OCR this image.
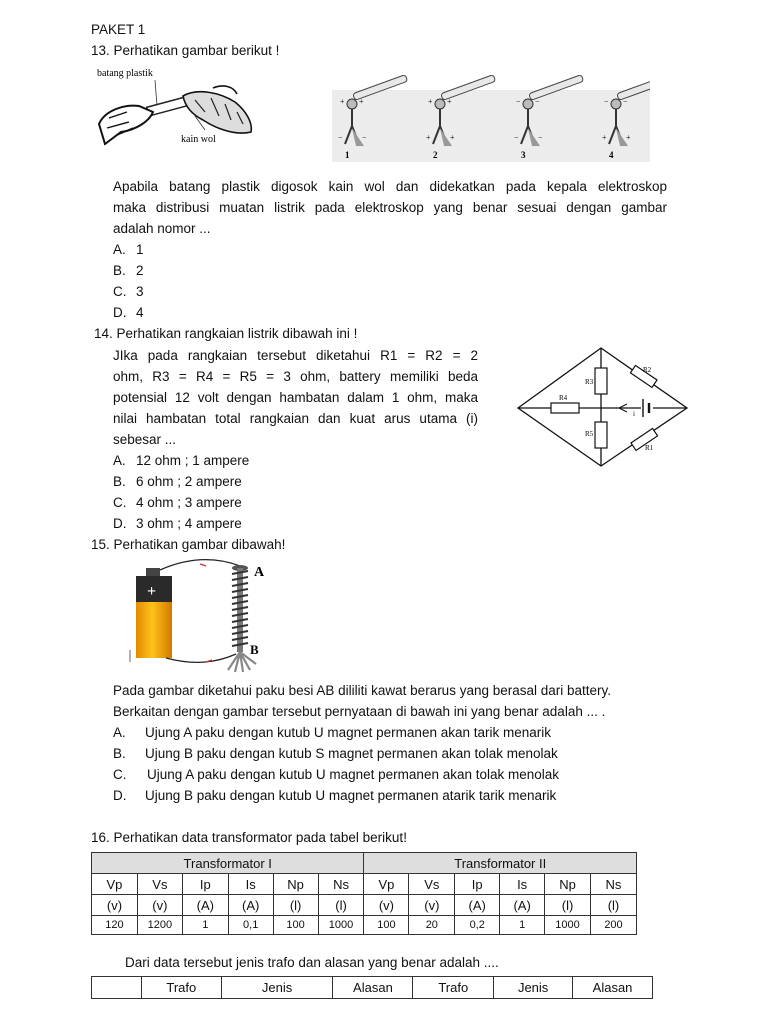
PAKET 1
13. Perhatikan gambar berikut !
batang plastik
kain wol
+ +
− −
1
+ +
+ +
2
− −
− −
3
− −
+ +
4
Apabila batang plastik digosok kain wol dan didekatkan pada kepala elektroskop
maka distribusi muatan listrik pada elektroskop yang benar sesuai dengan gambar
adalah nomor ...
A. 1
B. 2
C. 3
D. 4
14. Perhatikan rangkaian listrik dibawah ini !
JIka pada rangkaian tersebut diketahui R1 = R2 = 2
ohm, R3 = R4 = R5 = 3 ohm, battery memiliki beda
potensial 12 volt dengan hambatan dalam 1 ohm, maka
nilai hambatan total rangkaian dan kuat arus utama (i)
sebesar ...
R3
R5
R4
R2
R1
i
A. 12 ohm ; 1 ampere
B. 6 ohm ; 2 ampere
C. 4 ohm ; 3 ampere
D. 3 ohm ; 4 ampere
15. Perhatikan gambar dibawah!
+
A
B
Pada gambar diketahui paku besi AB dililiti kawat berarus yang berasal dari battery.
Berkaitan dengan gambar tersebut pernyataan di bawah ini yang benar adalah ... .
A. Ujung A paku dengan kutub U magnet permanen akan tarik menarik
B. Ujung B paku dengan kutub S magnet permanen akan tolak menolak
C. Ujung A paku dengan kutub U magnet permanen akan tolak menolak
D. Ujung B paku dengan kutub U magnet permanen atarik tarik menarik
16. Perhatikan data transformator pada tabel berikut!
Transformator I						Transformator II					
Vp	Vs	Ip	Is	Np	Ns	Vp	Vs	Ip	Is	Np	Ns
(v)	(v)	(A)	(A)	(l)	(l)	(v)	(v)	(A)	(A)	(l)	(l)
120	1200	1	0,1	100	1000	100	20	0,2	1	1000	200
Dari data tersebut jenis trafo dan alasan yang benar adalah ....
	Trafo	Jenis	Alasan	Trafo	Jenis	Alasan
